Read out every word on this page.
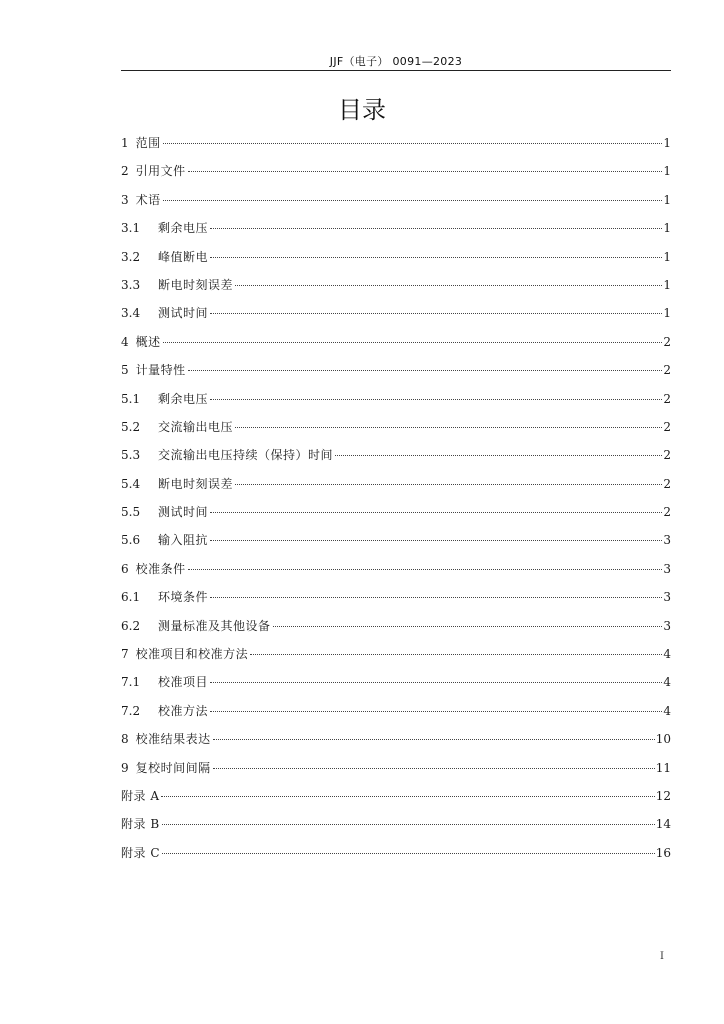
JJF（电子） 0091—2023
目录
1 范围	1
2 引用文件	1
3 术语	1
3.1	剩余电压	1
3.2	峰值断电	1
3.3	断电时刻误差	1
3.4	测试时间	1
4 概述	2
5 计量特性	2
5.1	剩余电压	2
5.2	交流输出电压	2
5.3	交流输出电压持续（保持）时间	2
5.4	断电时刻误差	2
5.5	测试时间	2
5.6	输入阻抗	3
6 校准条件	3
6.1	环境条件	3
6.2	测量标准及其他设备	3
7 校准项目和校准方法	4
7.1	校准项目	4
7.2	校准方法	4
8 校准结果表达	10
9 复校时间间隔	11
附录 A	12
附录 B	14
附录 C	16
I
